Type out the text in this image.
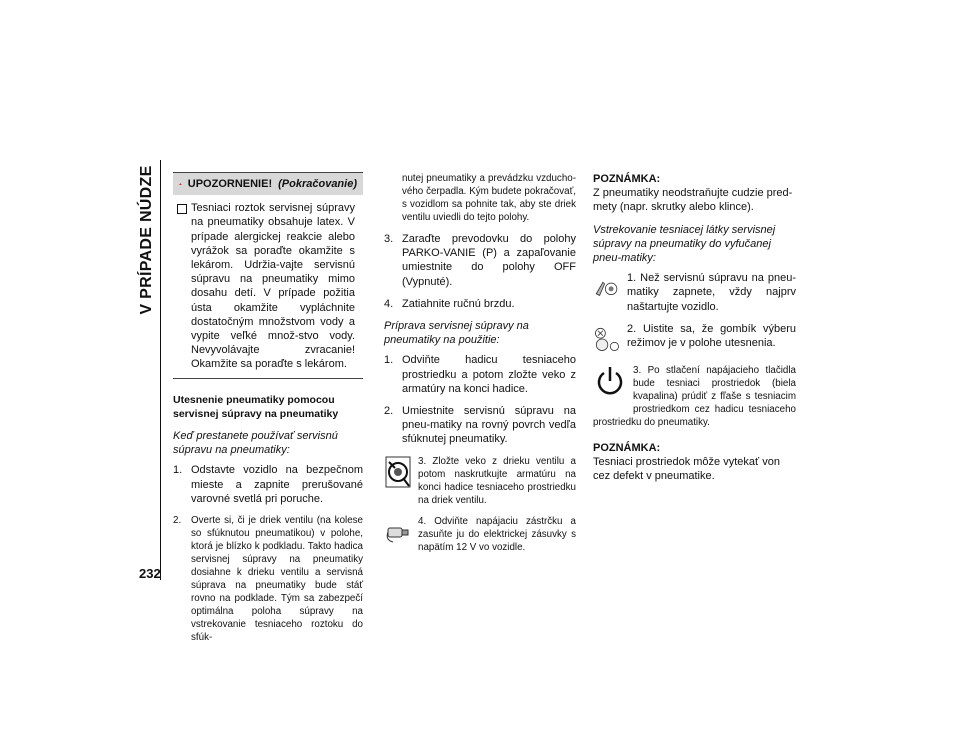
V PRÍPADE NÚDZE
232
UPOZORNENIE! (Pokračovanie)
Tesniaci roztok servisnej súpravy na pneumatiky obsahuje latex. V prípade alergickej reakcie alebo vyrážok sa poraďte okamžite s lekárom. Udržia-vajte servisnú súpravu na pneumatiky mimo dosahu detí. V prípade požitia ústa okamžite vypláchnite dostatočným množstvom vody a vypite veľké množ-stvo vody. Nevyvolávajte zvracanie! Okamžite sa poraďte s lekárom.
Utesnenie pneumatiky pomocou servisnej súpravy na pneumatiky
Keď prestanete používať servisnú súpravu na pneumatiky:
1. Odstavte vozidlo na bezpečnom mieste a zapnite prerušované varovné svetlá pri poruche.
2.	Overte si, či je driek ventilu (na kolese so sfúknutou pneumatikou) v polohe, ktorá je blízko k podkladu. Takto hadica servisnej súpravy na pneumatiky dosiahne k drieku ventilu a servisná súprava na pneumatiky bude stáť rovno na podklade. Tým sa zabezpečí optimálna poloha súpravy na vstrekovanie tesniaceho roztoku do sfúk-
nutej pneumatiky a prevádzku vzducho-vého čerpadla. Kým budete pokračovať, s vozidlom sa pohnite tak, aby ste driek ventilu uviedli do tejto polohy.
3. Zaraďte prevodovku do polohy PARKO-VANIE (P) a zapaľovanie umiestnite do polohy OFF (Vypnuté).
4. Zatiahnite ručnú brzdu.
Príprava servisnej súpravy na pneumatiky na použitie:
1. Odviňte hadicu tesniaceho prostriedku a potom zložte veko z armatúry na konci hadice.
2. Umiestnite servisnú súpravu na pneu-matiky na rovný povrch vedľa sfúknutej pneumatiky.
3. Zložte veko z drieku ventilu a potom naskrutkujte armatúru na konci hadice tesniaceho prostriedku na driek ventilu.
4. Odviňte napájaciu zástrčku a zasuňte ju do elektrickej zásuvky s napätím 12 V vo vozidle.
POZNÁMKA:
Z pneumatiky neodstraňujte cudzie pred-mety (napr. skrutky alebo klince).
Vstrekovanie tesniacej látky servisnej súpravy na pneumatiky do vyfučanej pneu-matiky:
1. Než servisnú súpravu na pneu-matiky zapnete, vždy najprv naštartujte vozidlo.
2. Uistite sa, že gombík výberu režimov je v polohe utesnenia.
3. Po stlačení napájacieho tlačidla bude tesniaci prostriedok (biela kvapalina) prúdiť z fľaše s tesniacim prostriedkom cez hadicu tesniaceho prostriedku do pneumatiky.
POZNÁMKA:
Tesniaci prostriedok môže vytekať von cez defekt v pneumatike.
